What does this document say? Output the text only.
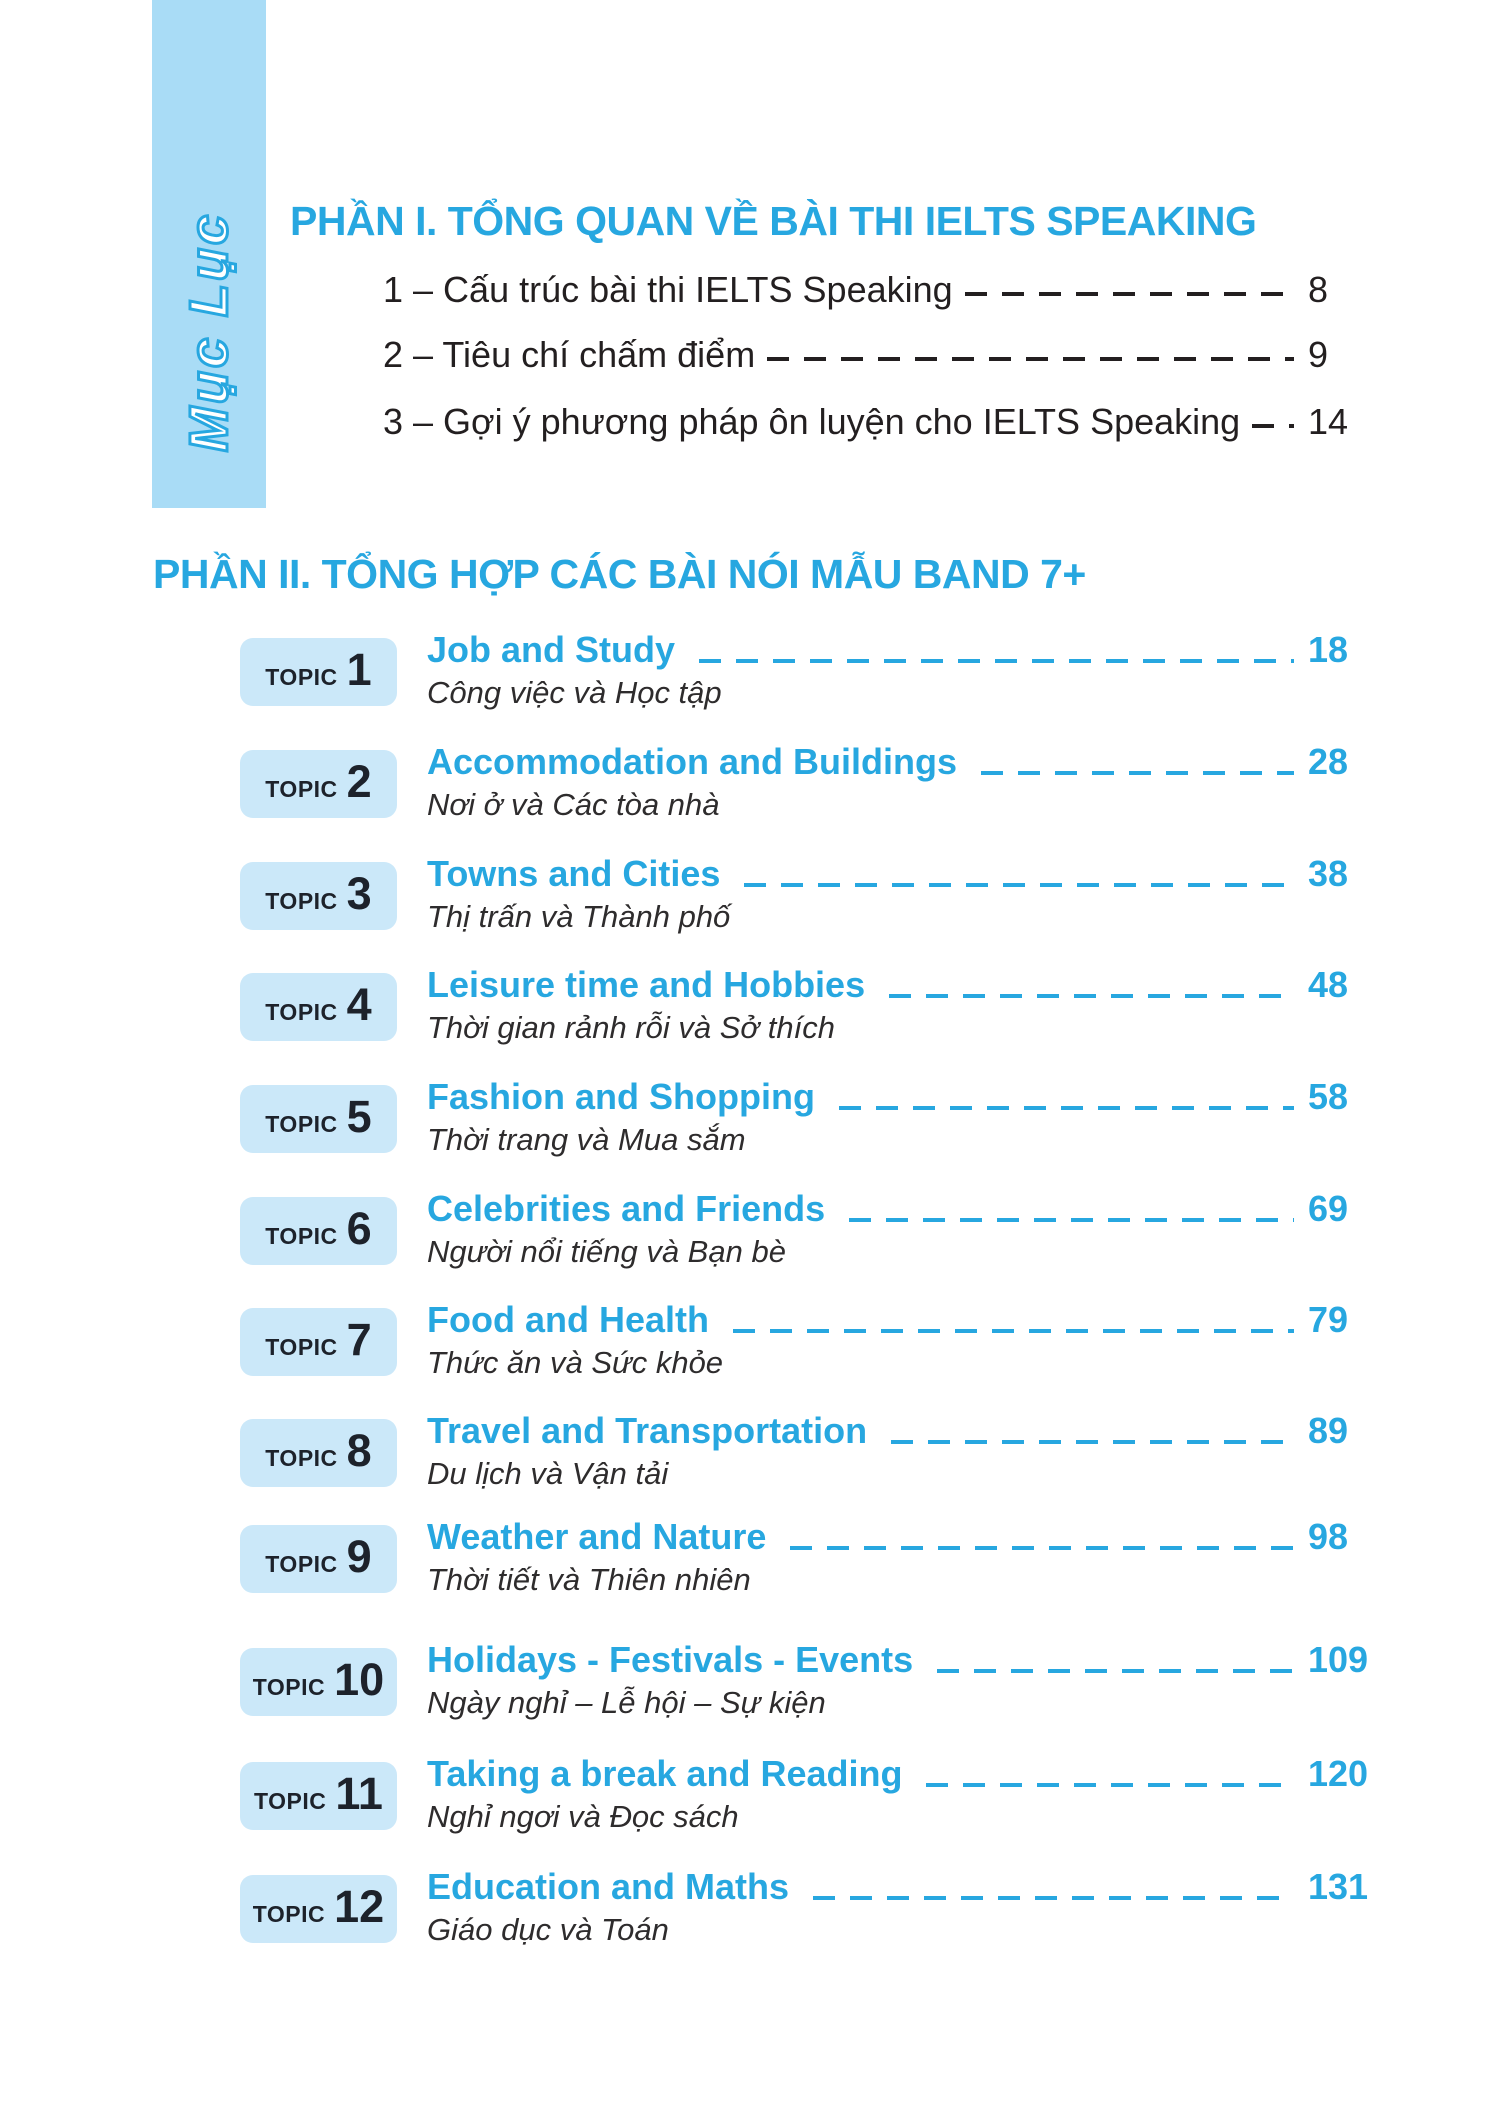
Mục Lục PHẦN I. TỔNG QUAN VỀ BÀI THI IELTS SPEAKING
1 – Cấu trúc bài thi IELTS Speaking	8
2 – Tiêu chí chấm điểm	9
3 – Gợi ý phương pháp ôn luyện cho IELTS Speaking 14
PHẦN II. TỔNG HỢP CÁC BÀI NÓI MẪU BAND 7+
TOPIC 1 Job and Study	18
Công việc và Học tập
TOPIC 2 Accommodation and Buildings	28
Nơi ở và Các tòa nhà
TOPIC 3 Towns and Cities	38
Thị trấn và Thành phố
TOPIC 4 Leisure time and Hobbies	48
Thời gian rảnh rỗi và Sở thích
TOPIC 5 Fashion and Shopping	58
Thời trang và Mua sắm
TOPIC 6 Celebrities and Friends	69
Người nổi tiếng và Bạn bè
TOPIC 7 Food and Health	79
Thức ăn và Sức khỏe
TOPIC 8 Travel and Transportation	89
Du lịch và Vận tải
TOPIC 9 Weather and Nature	98
Thời tiết và Thiên nhiên
TOPIC 10 Holidays - Festivals - Events	109
Ngày nghỉ – Lễ hội – Sự kiện
TOPIC 11 Taking a break and Reading	120
Nghỉ ngơi và Đọc sách
TOPIC 12 Education and Maths	131
Giáo dục và Toán
